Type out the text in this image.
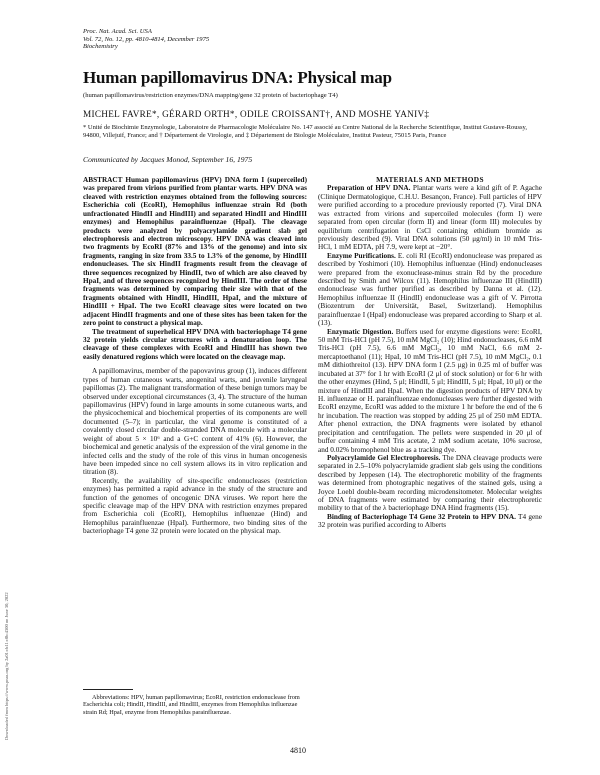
Proc. Nat. Acad. Sci. USA
Vol. 72, No. 12, pp. 4810-4814, December 1975
Biochemistry
Human papillomavirus DNA: Physical map
(human papillomavirus/restriction enzymes/DNA mapping/gene 32 protein of bacteriophage T4)
MICHEL FAVRE*, GÉRARD ORTH*, ODILE CROISSANT†, AND MOSHE YANIV‡
* Unité de Biochimie Enzymologie, Laboratoire de Pharmacologie Moléculaire No. 147 associé au Centre National de la Recherche Scientifique, Institut Gustave-Roussy, 94800, Villejuif, France; and † Département de Virologie, and ‡ Département de Biologie Moléculaire, Institut Pasteur, 75015 Paris, France
Communicated by Jacques Monod, September 16, 1975

ABSTRACT Human papillomavirus (HPV) DNA form I (superceiled) was prepared from virions purified from plantar warts. HPV DNA was cleaved with restriction enzymes obtained from the following sources: Escherichia coli (EcoRI), Hemophilus influenzae strain Rd (both unfractionated HindII and HindIII) and separated HindII and HindIII enzymes) and Hemophilus parainfluenzae (HpaI). The cleavage products were analyzed by polyacrylamide gradient slab gel electrophoresis and electron microscopy. HPV DNA was cleaved into two fragments by EcoRI (87% and 13% of the genome) and into six fragments, ranging in size from 33.5 to 1.3% of the genome, by HindIII endonucleases. The six HindII fragments result from the cleavage of three sequences recognized by HindII, two of which are also cleaved by HpaI, and of three sequences recognized by HindIII. The order of these fragments was determined by comparing their size with that of the fragments obtained with HindII, HindIII, HpaI, and the mixture of HindIII + HpaI. The two EcoRI cleavage sites were located on two adjacent HindII fragments and one of these sites has been taken for the zero point to construct a physical map.

The treatment of superhelical HPV DNA with bacteriophage T4 gene 32 protein yields circular structures with a denaturation loop. The cleavage of these complexes with EcoRI and HindIII has shown two easily denatured regions which were located on the cleavage map.

A papillomavirus, member of the papovavirus group (1), induces different types of human cutaneous warts, anogenital warts, and juvenile laryngeal papillomas (2). The malignant transformation of these benign tumors may be observed under exceptional circumstances (3, 4). The structure of the human papillomavirus (HPV) found in large amounts in some cutaneous warts, and the physicochemical and biochemical properties of its components are well documented (5–7); in particular, the viral genome is constituted of a covalently closed circular double-stranded DNA molecule with a molecular weight of about 5 × 10⁶ and a G+C content of 41% (6). However, the biochemical and genetic analysis of the expression of the viral genome in the infected cells and the study of the role of this virus in human oncogenesis have been impeded since no cell system allows its in vitro replication and titration (8).

Recently, the availability of site-specific endonucleases (restriction enzymes) has permitted a rapid advance in the study of the structure and function of the genomes of oncogenic DNA viruses. We report here the specific cleavage map of the HPV DNA with restriction enzymes prepared from Escherichia coli (EcoRI), Hemophilus influenzae (Hind) and Hemophilus parainfluenzae (HpaI). Furthermore, two binding sites of the bacteriophage T4 gene 32 protein were located on the physical map.

Abbreviations: HPV, human papillomavirus; EcoRI, restriction endonuclease from Escherichia coli; HindII, HindIII, and HindIII, enzymes from Hemophilus influenzae strain Rd; HpaI, enzyme from Hemophilus parainfluenzae.

MATERIALS AND METHODS

Preparation of HPV DNA. Plantar warts were a kind gift of P. Agache (Clinique Dermatologique, C.H.U. Besançon, France). Full particles of HPV were purified according to a procedure previously reported (7). Viral DNA was extracted from virions and supercoiled molecules (form I) were separated from open circular (form II) and linear (form III) molecules by equilibrium centrifugation in CsCl containing ethidium bromide as previously described (9). Viral DNA solutions (50 μg/ml) in 10 mM Tris-HCl, 1 mM EDTA, pH 7.9, were kept at −20°.

Enzyme Purifications. E. coli RI (EcoRI) endonuclease was prepared as described by Yoshimori (10). Hemophilus influenzae (Hind) endonucleases were prepared from the exonuclease-minus strain Rd by the procedure described by Smith and Wilcox (11). Hemophilus influenzae III (HindIII) endonuclease was further purified as described by Danna et al. (12). Hemophilus influenzae II (HindII) endonuclease was a gift of V. Pirrotta (Biozentrum der Universität, Basel, Switzerland). Hemophilus parainfluenzae I (HpaI) endonuclease was prepared according to Sharp et al. (13).

Enzymatic Digestion. Buffers used for enzyme digestions were: EcoRI, 50 mM Tris-HCl (pH 7.5), 10 mM MgCl₂ (10); Hind endonucleases, 6.6 mM Tris-HCl (pH 7.5), 6.6 mM MgCl₂, 10 mM NaCl, 6.6 mM 2-mercaptoethanol (11); HpaI, 10 mM Tris-HCl (pH 7.5), 10 mM MgCl₂, 0.1 mM dithiothreitol (13). HPV DNA form I (2.5 μg) in 0.25 ml of buffer was incubated at 37° for 1 hr with EcoRI (2 μl of stock solution) or for 6 hr with the other enzymes (Hind, 5 μl; HindII, 5 μl; HindIII, 5 μl; HpaI, 10 μl) or the mixture of HindIII and HpaI. When the digestion products of HPV DNA by H. influenzae or H. parainfluenzae endonucleases were further digested with EcoRI enzyme, EcoRI was added to the mixture 1 hr before the end of the 6 hr incubation. The reaction was stopped by adding 25 μl of 250 mM EDTA. After phenol extraction, the DNA fragments were isolated by ethanol precipitation and centrifugation. The pellets were suspended in 20 μl of buffer containing 4 mM Tris acetate, 2 mM sodium acetate, 10% sucrose, and 0.02% bromophenol blue as a tracking dye.

Polyacrylamide Gel Electrophoresis. The DNA cleavage products were separated in 2.5–10% polyacrylamide gradient slab gels using the conditions described by Jeppesen (14). The electrophoretic mobility of the fragments was determined from photographic negatives of the stained gels, using a Joyce Loebl double-beam recording microdensitometer. Molecular weights of DNA fragments were estimated by comparing their electrophoretic mobility to that of the λ bacteriophage DNA Hind fragments (15).

Binding of Bacteriophage T4 Gene 32 Protein to HPV DNA. T4 gene 32 protein was purified according to Alberts

4810
Downloaded from https://www.pnas.org by 2a01:cb11:c0b:4300 on June 30, 2022
